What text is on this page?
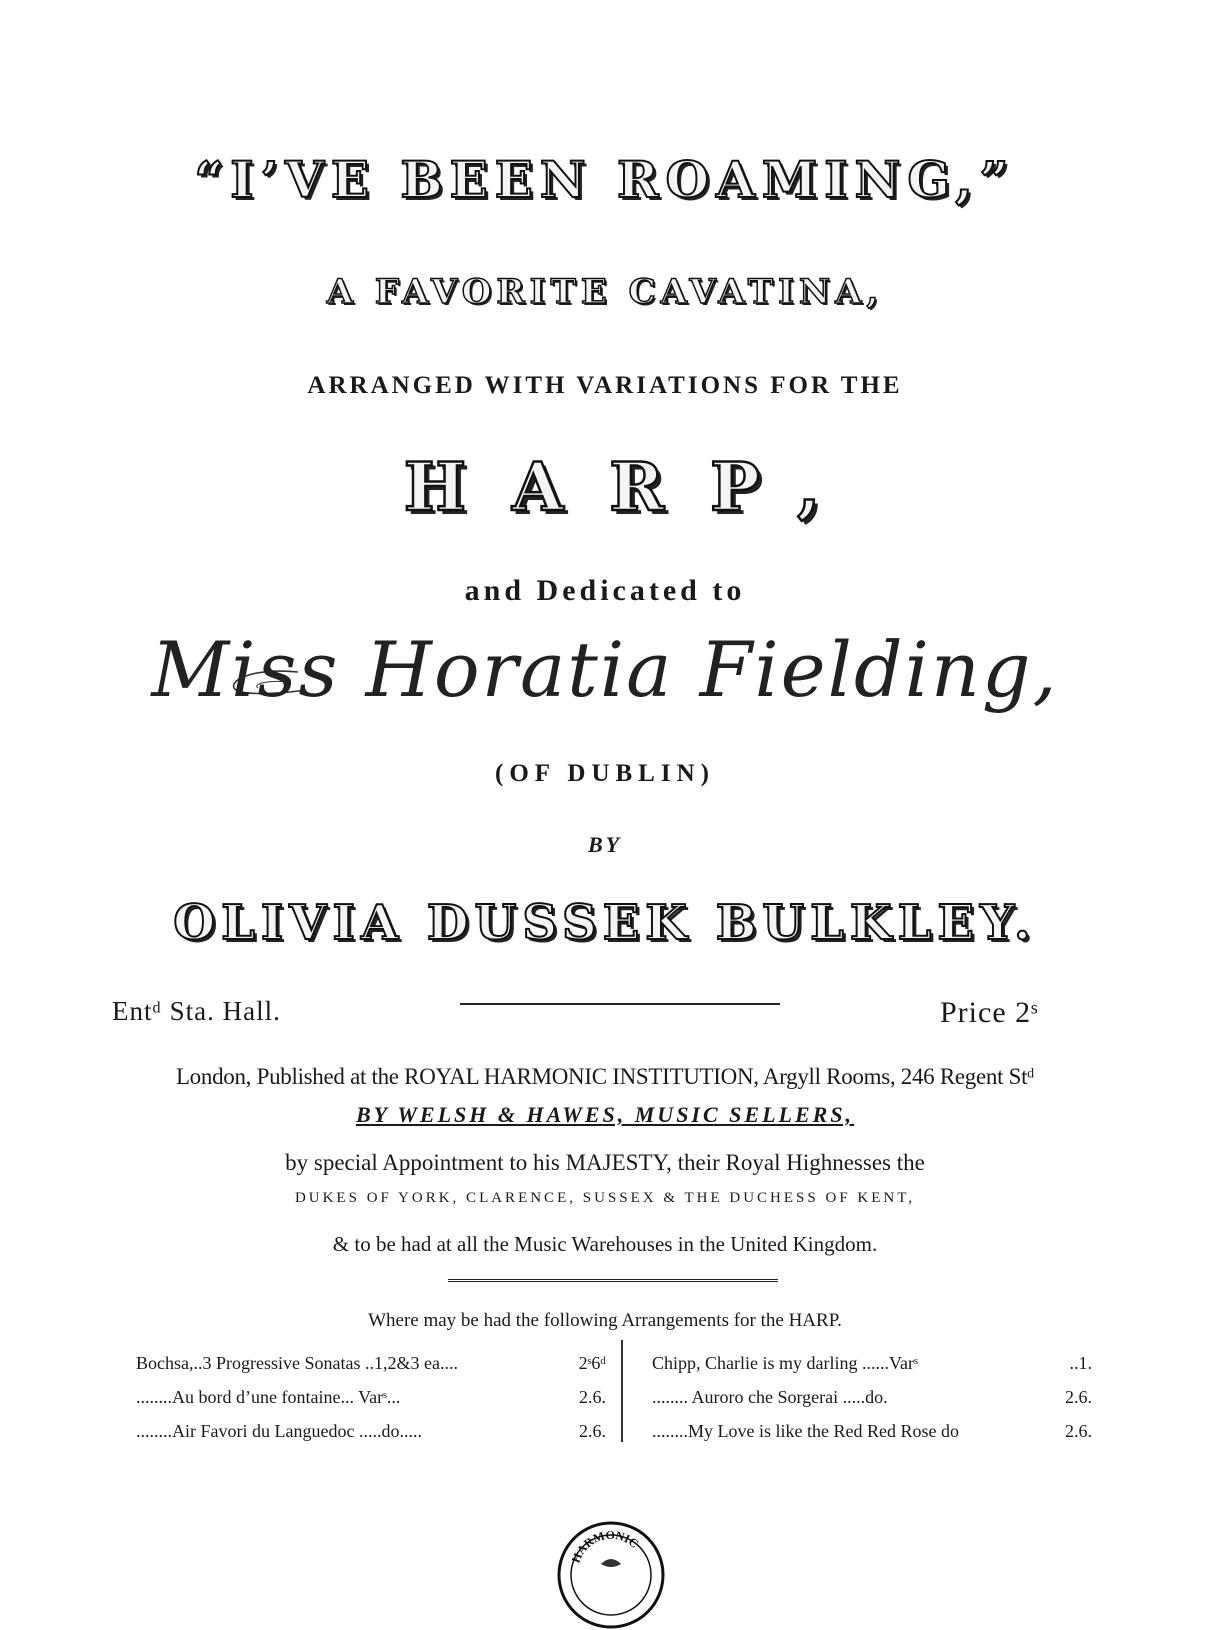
“I’VE BEEN ROAMING,”
A FAVORITE CAVATINA,
ARRANGED WITH VARIATIONS FOR THE
HARP,
and Dedicated to
Miss Horatia Fielding,
(OF DUBLIN)
BY
OLIVIA DUSSEK BULKLEY.
Entᵈ Sta. Hall.	Price 2ˢ
London, Published at the ROYAL HARMONIC INSTITUTION, Argyll Rooms, 246 Regent Stᵈ
BY WELSH & HAWES, MUSIC SELLERS,
by special Appointment to his MAJESTY, their Royal Highnesses the
DUKES OF YORK, CLARENCE, SUSSEX & THE DUCHESS OF KENT,
& to be had at all the Music Warehouses in the United Kingdom.
Where may be had the following Arrangements for the HARP.
Bochsa,..3 Progressive Sonatas ..1,2&3 ea....	2ˢ6ᵈ
........Au bord d’une fontaine... Varˢ...	2.6.
........Air Favori du Languedoc .....do.....	2.6.
Chipp, Charlie is my darling ......Varˢ	..1.
........ Auroro che Sorgerai .....do.	2.6.
........My Love is like the Red Red Rose do	2.6.
HARMONIC
